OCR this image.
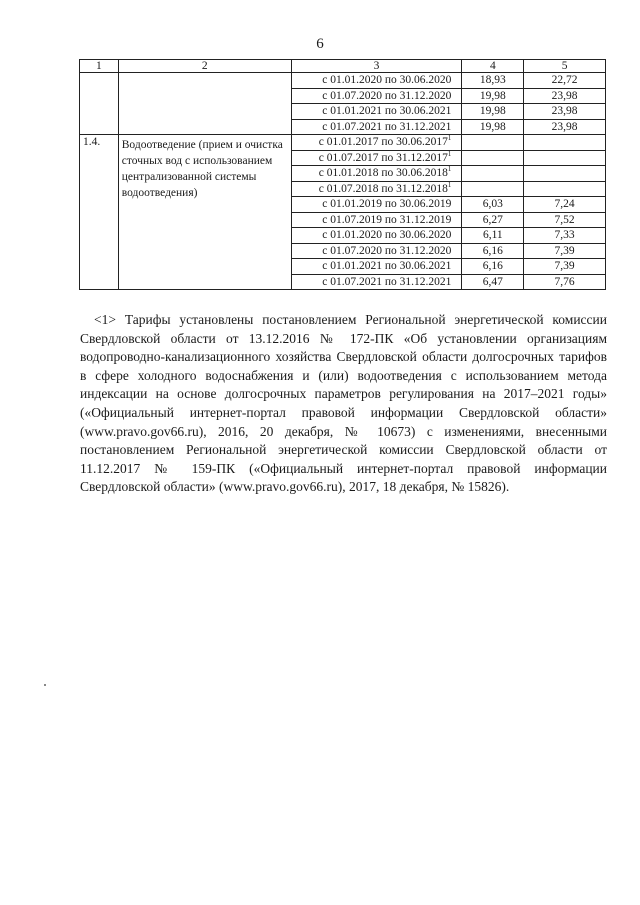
6
1	2	3	4	5
		с 01.01.2020 по 30.06.2020	18,93	22,72
		с 01.07.2020 по 31.12.2020	19,98	23,98
		с 01.01.2021 по 30.06.2021	19,98	23,98
		с 01.07.2021 по 31.12.2021	19,98	23,98
1.4.	Водоотведение (прием и очистка сточных вод с использованием централизованной системы водоотведения)	с 01.01.2017 по 30.06.2017$^1$		
		с 01.07.2017 по 31.12.2017$^1$		
		с 01.01.2018 по 30.06.2018$^1$		
		с 01.07.2018 по 31.12.2018$^1$		
		с 01.01.2019 по 30.06.2019	6,03	7,24
		с 01.07.2019 по 31.12.2019	6,27	7,52
		с 01.01.2020 по 30.06.2020	6,11	7,33
		с 01.07.2020 по 31.12.2020	6,16	7,39
		с 01.01.2021 по 30.06.2021	6,16	7,39
		с 01.07.2021 по 31.12.2021	6,47	7,76
<1> Тарифы установлены постановлением Региональной энергетической комиссии Свердловской области от 13.12.2016 № 172-ПК «Об установлении организациям водопроводно-канализационного хозяйства Свердловской области долгосрочных тарифов в сфере холодного водоснабжения и (или) водоотведения с использованием метода индексации на основе долгосрочных параметров регулирования на 2017–2021 годы» («Официальный интернет-портал правовой информации Свердловской области» (www.pravo.gov66.ru), 2016, 20 декабря, № 10673) с изменениями, внесенными постановлением Региональной энергетической комиссии Свердловской области от 11.12.2017 № 159-ПК («Официальный интернет-портал правовой информации Свердловской области» (www.pravo.gov66.ru), 2017, 18 декабря, № 15826).
